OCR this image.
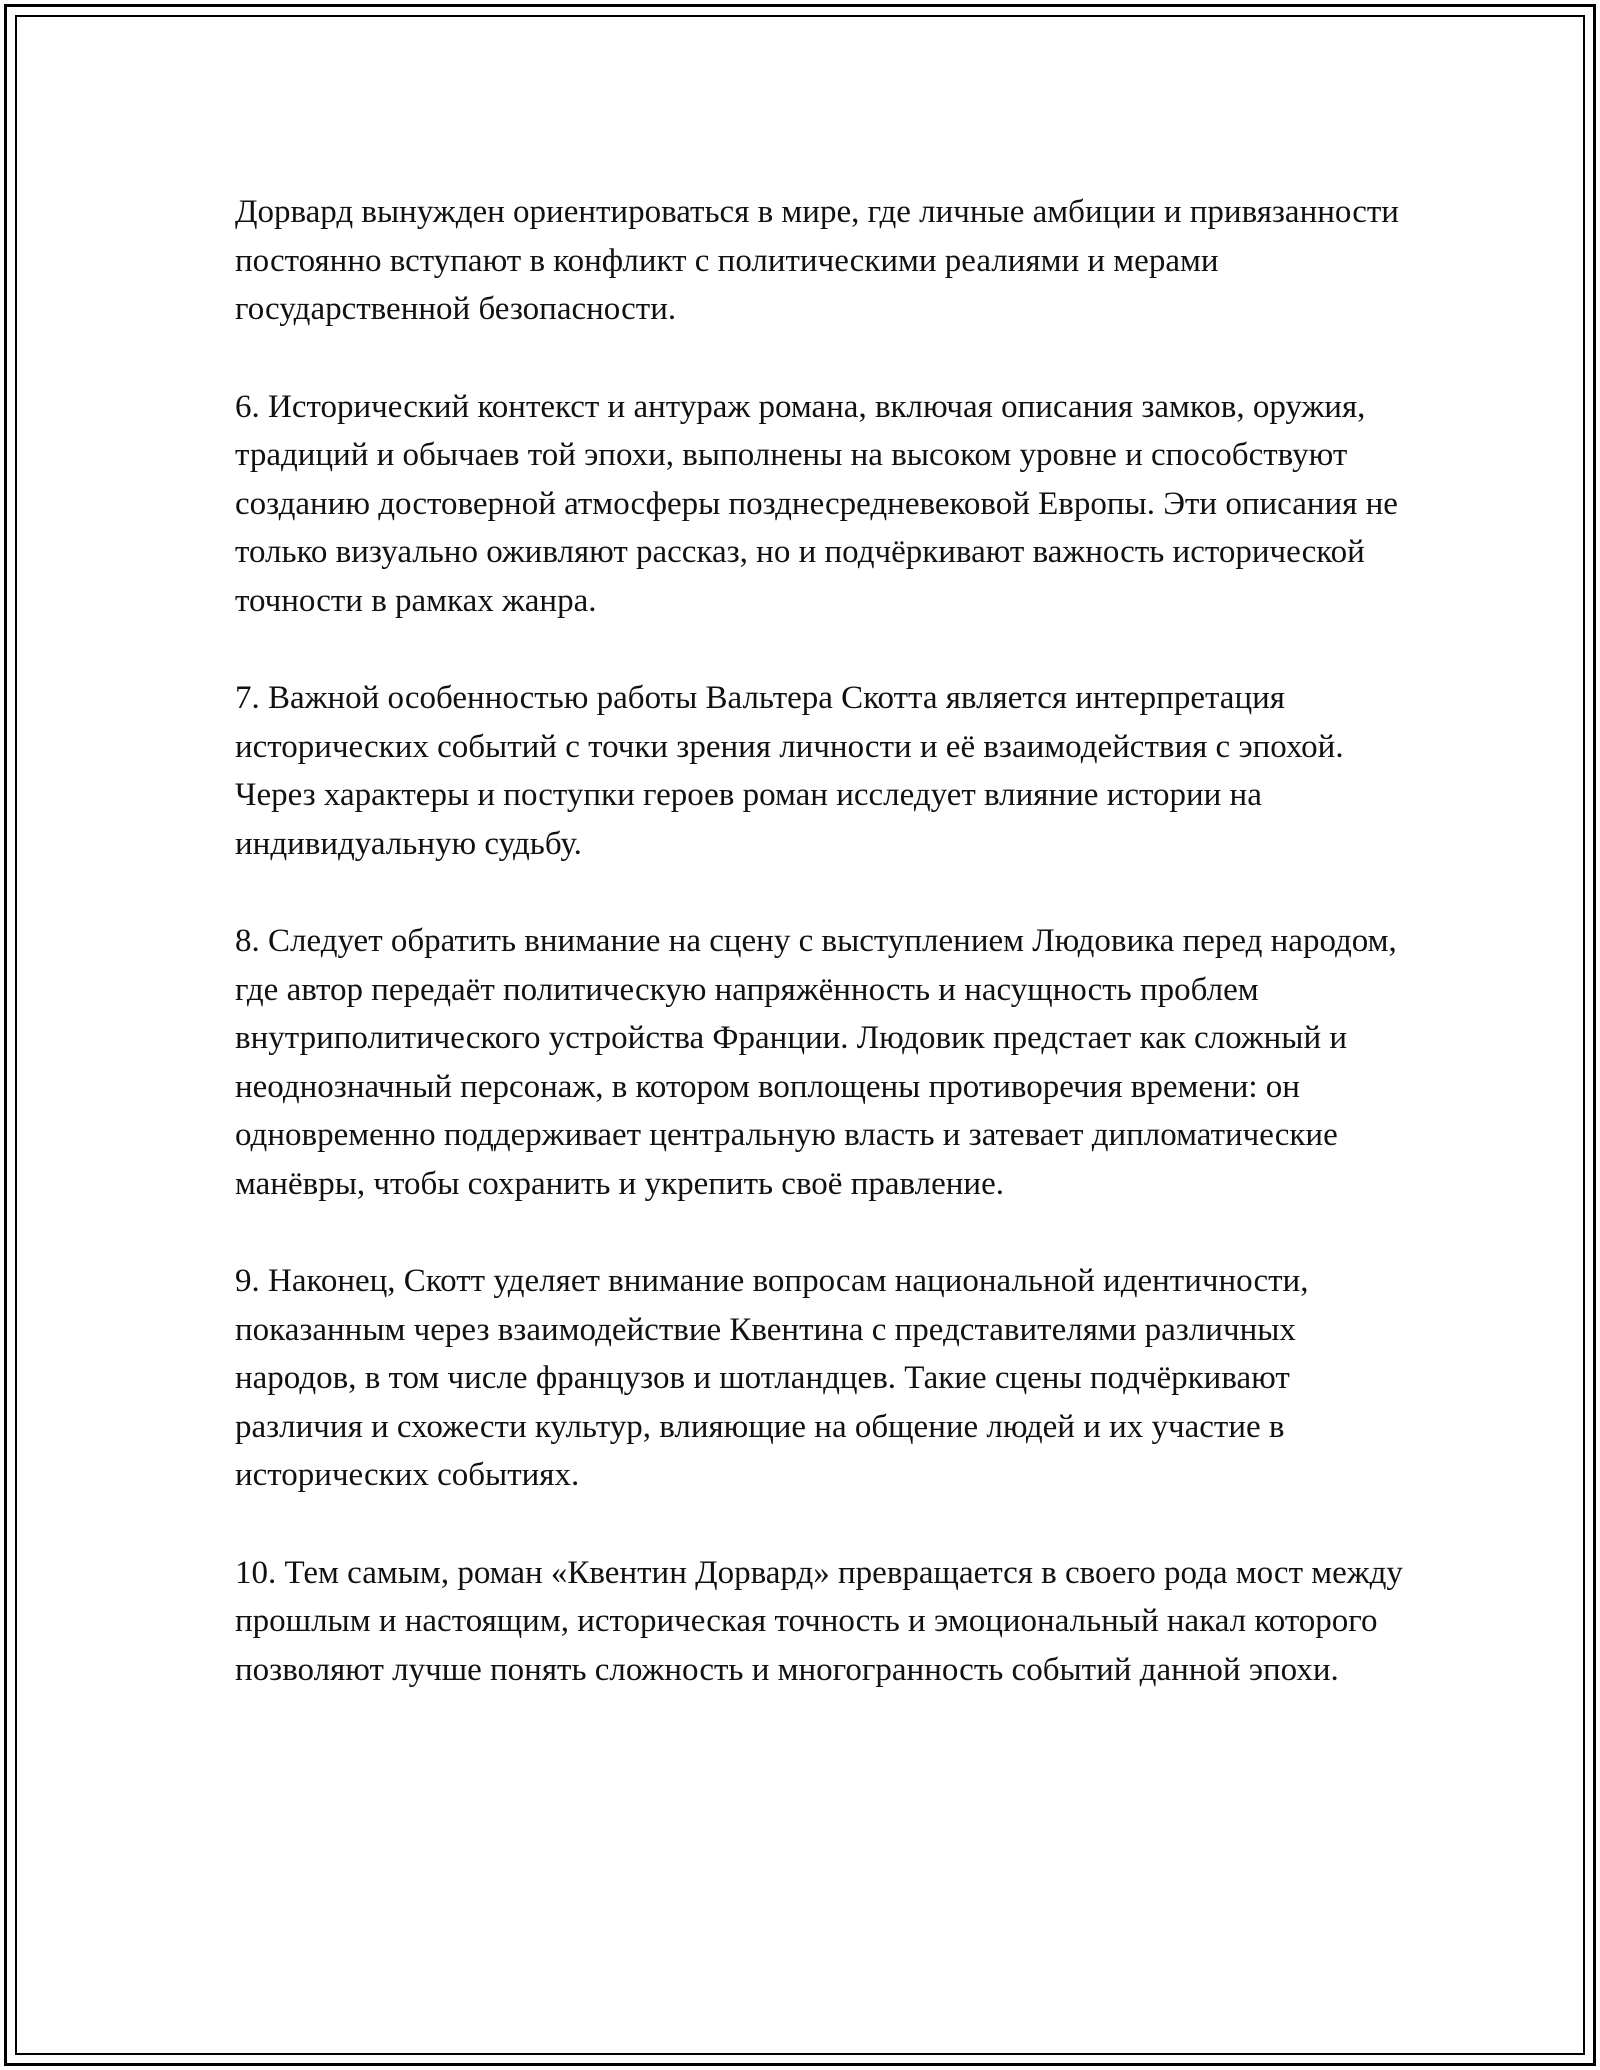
Дорвард вынужден ориентироваться в мире, где личные амбиции и привязанности постоянно вступают в конфликт с политическими реалиями и мерами государственной безопасности.

6. Исторический контекст и антураж романа, включая описания замков, оружия, традиций и обычаев той эпохи, выполнены на высоком уровне и способствуют созданию достоверной атмосферы позднесредневековой Европы. Эти описания не только визуально оживляют рассказ, но и подчёркивают важность исторической точности в рамках жанра.

7. Важной особенностью работы Вальтера Скотта является интерпретация исторических событий с точки зрения личности и её взаимодействия с эпохой. Через характеры и поступки героев роман исследует влияние истории на индивидуальную судьбу.

8. Следует обратить внимание на сцену с выступлением Людовика перед народом, где автор передаёт политическую напряжённость и насущность проблем внутриполитического устройства Франции. Людовик предстает как сложный и неоднозначный персонаж, в котором воплощены противоречия времени: он одновременно поддерживает центральную власть и затевает дипломатические манёвры, чтобы сохранить и укрепить своё правление.

9. Наконец, Скотт уделяет внимание вопросам национальной идентичности, показанным через взаимодействие Квентина с представителями различных народов, в том числе французов и шотландцев. Такие сцены подчёркивают различия и схожести культур, влияющие на общение людей и их участие в исторических событиях.

10. Тем самым, роман «Квентин Дорвард» превращается в своего рода мост между прошлым и настоящим, историческая точность и эмоциональный накал которого позволяют лучше понять сложность и многогранность событий данной эпохи.
